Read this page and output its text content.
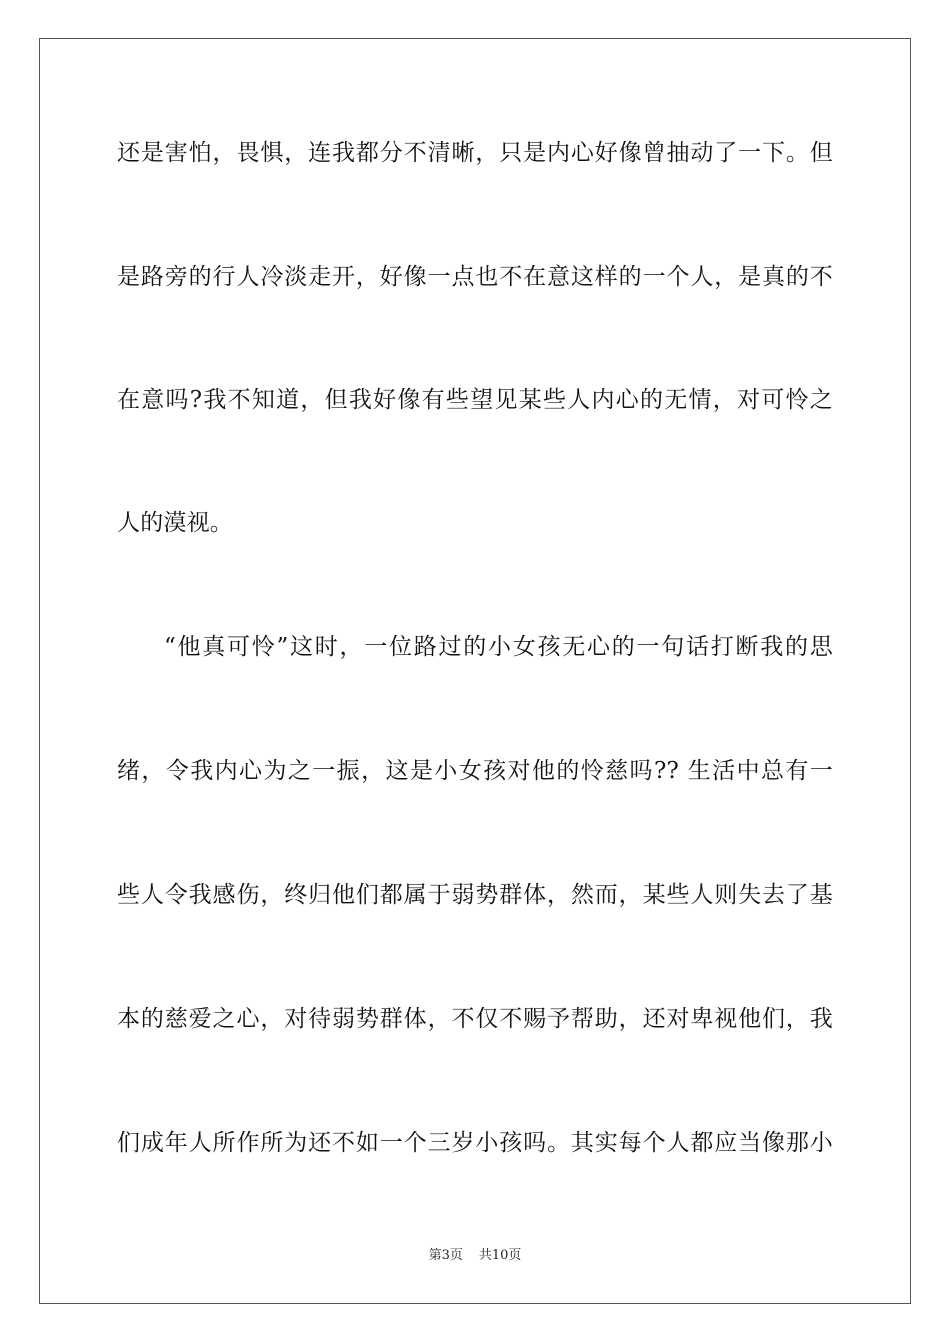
还是害怕，畏惧，连我都分不清晰，只是内心好像曾抽动了一下。但
是路旁的行人冷淡走开，好像一点也不在意这样的一个人，是真的不
在意吗?我不知道，但我好像有些望见某些人内心的无情，对可怜之
人的漠视。
“他真可怜”这时，一位路过的小女孩无心的一句话打断我的思
绪，令我内心为之一振，这是小女孩对他的怜慈吗?? 生活中总有一
些人令我感伤，终归他们都属于弱势群体，然而，某些人则失去了基
本的慈爱之心，对待弱势群体，不仅不赐予帮助，还对卑视他们，我
们成年人所作所为还不如一个三岁小孩吗。其实每个人都应当像那小
第3页 共10页
